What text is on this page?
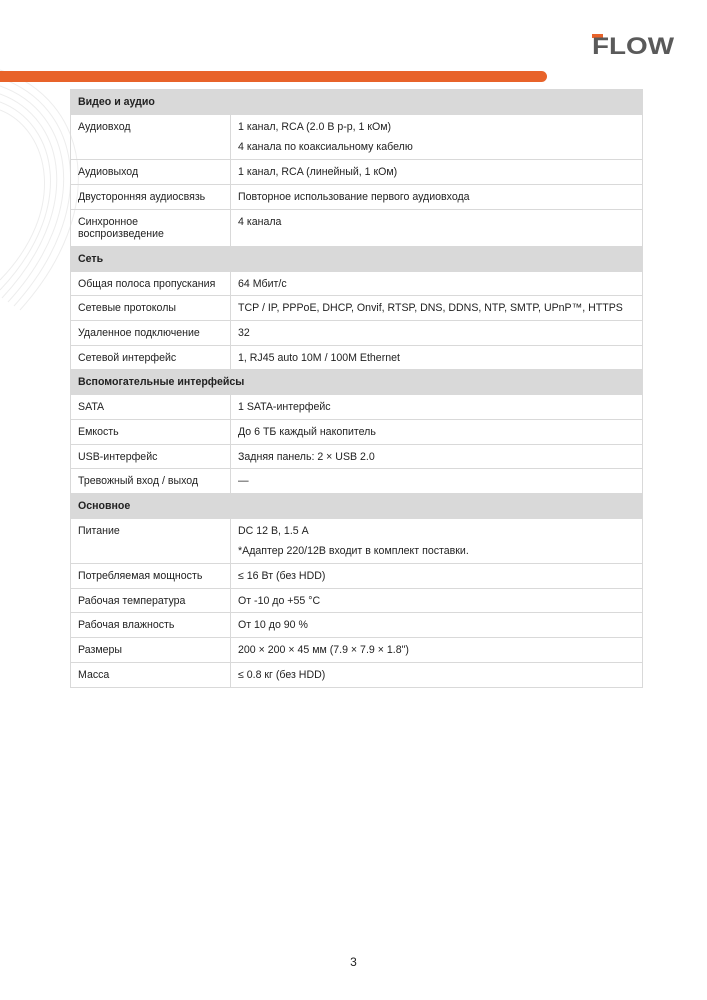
FLOW
Видео и аудио	
Аудиовход	1 канал, RCA (2.0 В р-р, 1 кОм)
4 канала по коаксиальному кабелю

Аудиовыход	1 канал, RCA (линейный, 1 кОм)

Двусторонняя аудиосвязь	Повторное использование первого аудиовхода

Синхронное воспроизведение	4 канала

Сеть	
Общая полоса пропускания	64 Мбит/с

Сетевые протоколы	TCP / IP, PPPoE, DHCP, Onvif, RTSP, DNS, DDNS, NTP, SMTP, UPnP™, HTTPS

Удаленное подключение	32

Сетевой интерфейс	1, RJ45 auto 10M / 100M Ethernet

Вспомогательные интерфейсы	
SATA	1 SATA-интерфейс

Емкость	До 6 ТБ каждый накопитель

USB-интерфейс	Задняя панель: 2 × USB 2.0

Тревожный вход / выход	—

Основное	
Питание	DC 12 В, 1.5 А
*Адаптер 220/12В входит в комплект поставки.

Потребляемая мощность	≤ 16 Вт (без HDD)

Рабочая температура	От -10 до +55 °C

Рабочая влажность	От 10 до 90 %

Размеры	200 × 200 × 45 мм (7.9 × 7.9 × 1.8")

Масса	≤ 0.8 кг (без HDD)
3
